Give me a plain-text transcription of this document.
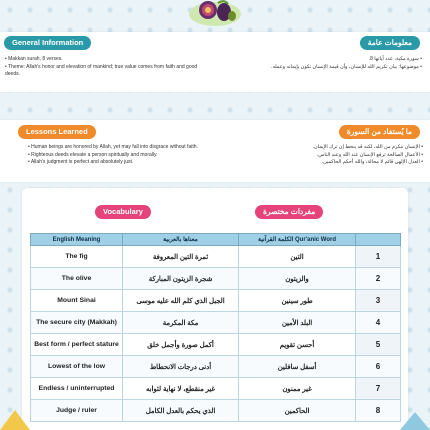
General Information	معلومات عامة
• Makkan surah, 8 verses.
• Theme: Allah's honor and elevation of mankind; true value comes from faith and good deeds.
• سورة مكية، عدد آياتها 8.
• موضوعها: بيان تكريم الله للإنسان، وأن قيمة الإنسان تكون بإيمانه وعمله.
Lessons Learned	ما يُستفاد من السورة
• Human beings are honored by Allah, yet may fall into disgrace without faith.
• Righteous deeds elevate a person spiritually and morally.
• Allah's judgment is perfect and absolutely just.
• الإنسان مكرم من الله، لكنه قد ينحط إن ترك الإيمان.
• الأعمال الصالحة ترفع الإنسان عند الله وعند الناس.
• العدل الإلهي قائم لا محالة، والله أحكم الحاكمين.
Vocabulary	مفردات مختصرة
English Meaning	معناها بالعربية	الكلمة القرآنية Qur'anic Word	
The fig	ثمرة التين المعروفة	التين	1
The olive	شجرة الزيتون المباركة	والزيتون	2
Mount Sinai	الجبل الذي كلم الله عليه موسى	طور سينين	3
The secure city (Makkah)	مكة المكرمة	البلد الأمين	4
Best form / perfect stature	أكمل صورة وأجمل خلق	أحسن تقويم	5
Lowest of the low	أدنى درجات الانحطاط	أسفل سافلين	6
Endless / uninterrupted	غير منقطع، لا نهاية لثوابه	غير ممنون	7
Judge / ruler	الذي يحكم بالعدل الكامل	الحاكمين	8
